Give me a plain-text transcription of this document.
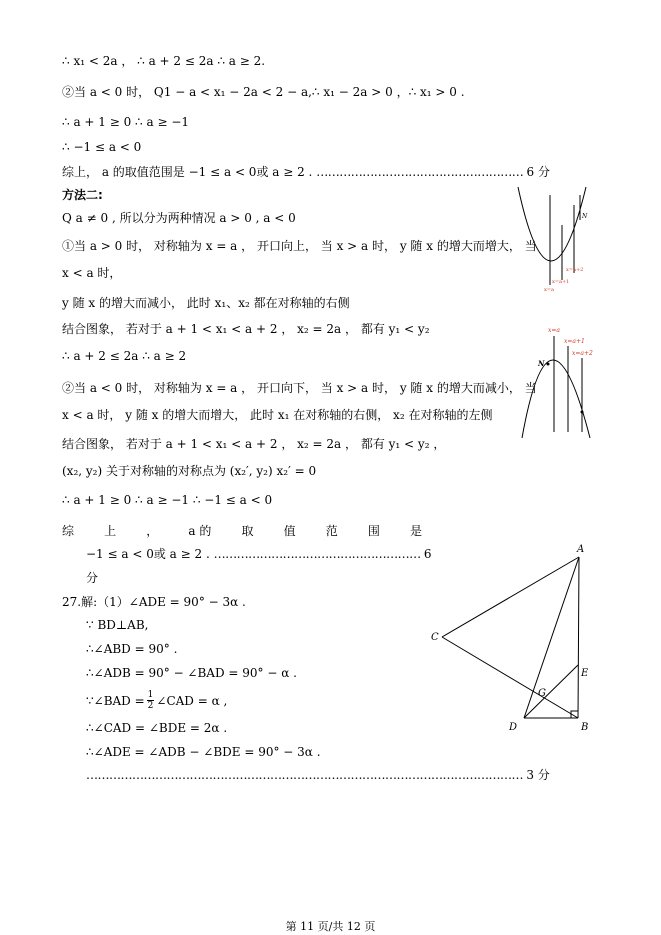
∴ x₁ < 2a ， ∴ a + 2 ≤ 2a ∴ a ≥ 2.
②当 a < 0 时， Q1 − a < x₁ − 2a < 2 − a,∴ x₁ − 2a > 0 ，∴ x₁ > 0 .
∴ a + 1 ≥ 0 ∴ a ≥ −1
∴ −1 ≤ a < 0
综上， a 的取值范围是 −1 ≤ a < 0或 a ≥ 2 . ……………………………………………… 6 分
方法二:
Q a ≠ 0 , 所以分为两种情况 a > 0 , a < 0
①当 a > 0 时， 对称轴为 x = a ， 开口向上， 当 x > a 时， y 随 x 的增大而增大， 当
x < a 时，
y 随 x 的增大而减小， 此时 x₁、x₂ 都在对称轴的右侧
结合图象， 若对于 a + 1 < x₁ < a + 2 ， x₂ = 2a ， 都有 y₁ < y₂
∴ a + 2 ≤ 2a ∴ a ≥ 2
②当 a < 0 时， 对称轴为 x = a ， 开口向下， 当 x > a 时， y 随 x 的增大而减小， 当
x < a 时， y 随 x 的增大而增大， 此时 x₁ 在对称轴的右侧， x₂ 在对称轴的左侧
结合图象， 若对于 a + 1 < x₁ < a + 2 ， x₂ = 2a ， 都有 y₁ < y₂ ，
(x₂, y₂) 关于对称轴的对称点为 (x₂′, y₂) x₂′ = 0
∴ a + 1 ≥ 0 ∴ a ≥ −1 ∴ −1 ≤ a < 0
综	上	，	a 的	取	值	范	围	是
−1 ≤ a < 0或 a ≥ 2 . ……………………………………………… 6
分
27.解:（1）∠ADE = 90° − 3α .
∵ BD⊥AB,
∴∠ABD = 90° .
∴∠ADB = 90° − ∠BAD = 90° − α .
∵∠BAD = $\frac{1}{2}$ ∠CAD = α ,
∴∠CAD = ∠BDE = 2α .
∴∠ADE = ∠ADB − ∠BDE = 90° − 3α .
…………………………………………………………………………………………………… 3 分
N
x=a+2
x=a+1
x=a
x=a
x=a+1
x=a+2
N
A
C
E
G
D	B
第 11 页/共 12 页
